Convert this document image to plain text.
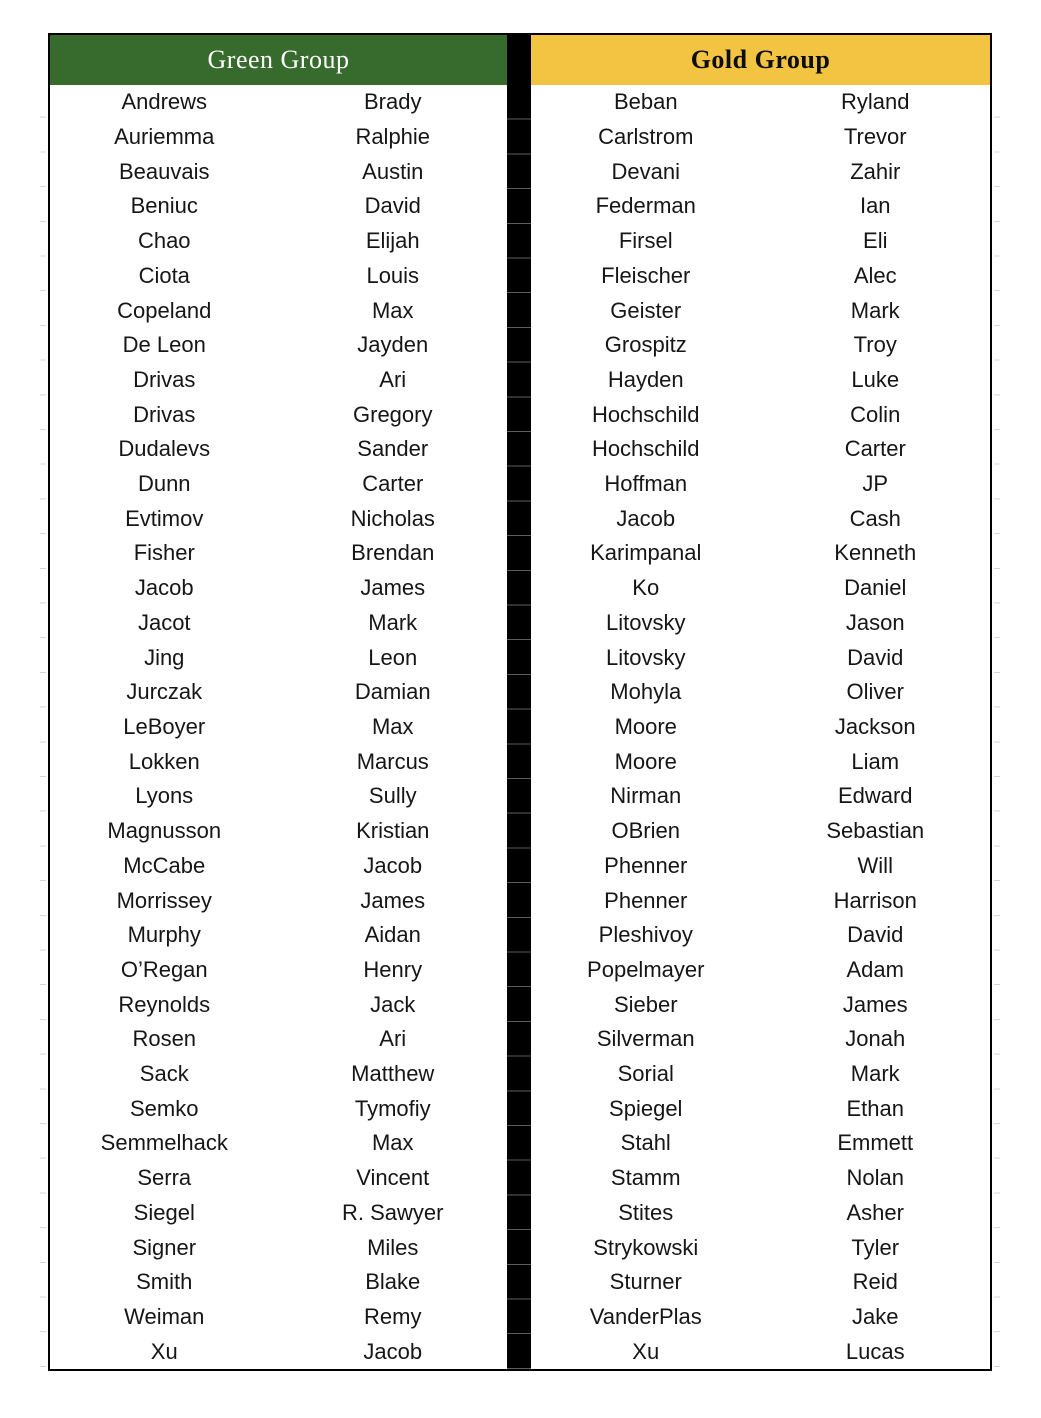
Green Group
Andrews	Brady
Auriemma	Ralphie
Beauvais	Austin
Beniuc	David
Chao	Elijah
Ciota	Louis
Copeland	Max
De Leon	Jayden
Drivas	Ari
Drivas	Gregory
Dudalevs	Sander
Dunn	Carter
Evtimov	Nicholas
Fisher	Brendan
Jacob	James
Jacot	Mark
Jing	Leon
Jurczak	Damian
LeBoyer	Max
Lokken	Marcus
Lyons	Sully
Magnusson	Kristian
McCabe	Jacob
Morrissey	James
Murphy	Aidan
O’Regan	Henry
Reynolds	Jack
Rosen	Ari
Sack	Matthew
Semko	Tymofiy
Semmelhack	Max
Serra	Vincent
Siegel	R. Sawyer
Signer	Miles
Smith	Blake
Weiman	Remy
Xu	Jacob
Gold Group
Beban	Ryland
Carlstrom	Trevor
Devani	Zahir
Federman	Ian
Firsel	Eli
Fleischer	Alec
Geister	Mark
Grospitz	Troy
Hayden	Luke
Hochschild	Colin
Hochschild	Carter
Hoffman	JP
Jacob	Cash
Karimpanal	Kenneth
Ko	Daniel
Litovsky	Jason
Litovsky	David
Mohyla	Oliver
Moore	Jackson
Moore	Liam
Nirman	Edward
OBrien	Sebastian
Phenner	Will
Phenner	Harrison
Pleshivoy	David
Popelmayer	Adam
Sieber	James
Silverman	Jonah
Sorial	Mark
Spiegel	Ethan
Stahl	Emmett
Stamm	Nolan
Stites	Asher
Strykowski	Tyler
Sturner	Reid
VanderPlas	Jake
Xu	Lucas
